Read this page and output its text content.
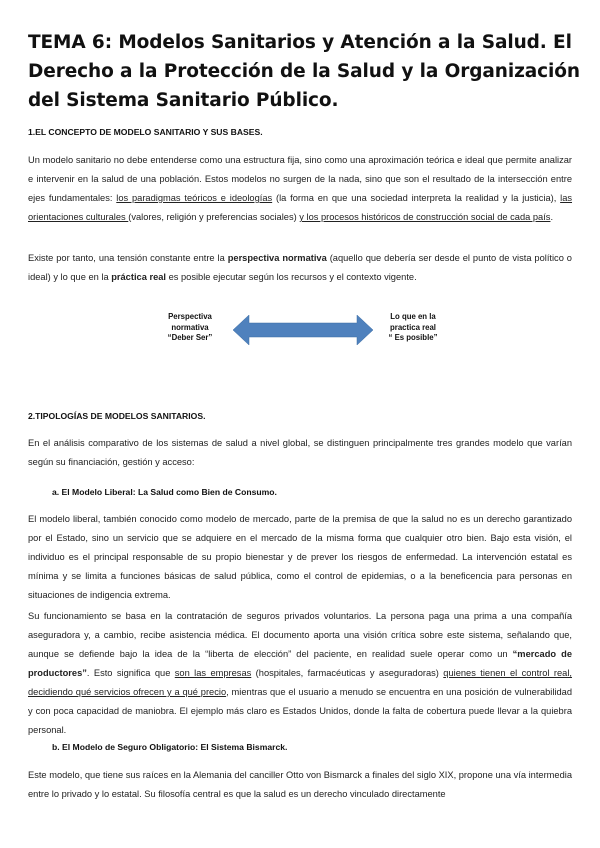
TEMA 6: Modelos Sanitarios y Atención a la Salud. El Derecho a la Protección de la Salud y la Organización del Sistema Sanitario Público.

1.EL CONCEPTO DE MODELO SANITARIO Y SUS BASES.

Un modelo sanitario no debe entenderse como una estructura fija, sino como una aproximación teórica e ideal que permite analizar e intervenir en la salud de una población. Estos modelos no surgen de la nada, sino que son el resultado de la intersección entre ejes fundamentales: los paradigmas teóricos e ideologías (la forma en que una sociedad interpreta la realidad y la justicia), las orientaciones culturales (valores, religión y preferencias sociales) y los procesos históricos de construcción social de cada país.

Existe por tanto, una tensión constante entre la perspectiva normativa (aquello que debería ser desde el punto de vista político o ideal) y lo que en la práctica real es posible ejecutar según los recursos y el contexto vigente.

Perspectiva
normativa
“Deber Ser”
Lo que en la
practica real
“ Es posible”

2.TIPOLOGÍAS DE MODELOS SANITARIOS.

En el análisis comparativo de los sistemas de salud a nivel global, se distinguen principalmente tres grandes modelo que varían según su financiación, gestión y acceso:

a. El Modelo Liberal: La Salud como Bien de Consumo.

El modelo liberal, también conocido como modelo de mercado, parte de la premisa de que la salud no es un derecho garantizado por el Estado, sino un servicio que se adquiere en el mercado de la misma forma que cualquier otro bien. Bajo esta visión, el individuo es el principal responsable de su propio bienestar y de prever los riesgos de enfermedad. La intervención estatal es mínima y se limita a funciones básicas de salud pública, como el control de epidemias, o a la beneficencia para personas en situaciones de indigencia extrema.

Su funcionamiento se basa en la contratación de seguros privados voluntarios. La persona paga una prima a una compañía aseguradora y, a cambio, recibe asistencia médica. El documento aporta una visión crítica sobre este sistema, señalando que, aunque se defiende bajo la idea de la “liberta de elección” del paciente, en realidad suele operar como un “mercado de productores”. Esto significa que son las empresas (hospitales, farmacéuticas y aseguradoras) quienes tienen el control real, decidiendo qué servicios ofrecen y a qué precio, mientras que el usuario a menudo se encuentra en una posición de vulnerabilidad y con poca capacidad de maniobra. El ejemplo más claro es Estados Unidos, donde la falta de cobertura puede llevar a la quiebra personal.

b. El Modelo de Seguro Obligatorio: El Sistema Bismarck.

Este modelo, que tiene sus raíces en la Alemania del canciller Otto von Bismarck a finales del siglo XIX, propone una vía intermedia entre lo privado y lo estatal. Su filosofía central es que la salud es un derecho vinculado directamente
